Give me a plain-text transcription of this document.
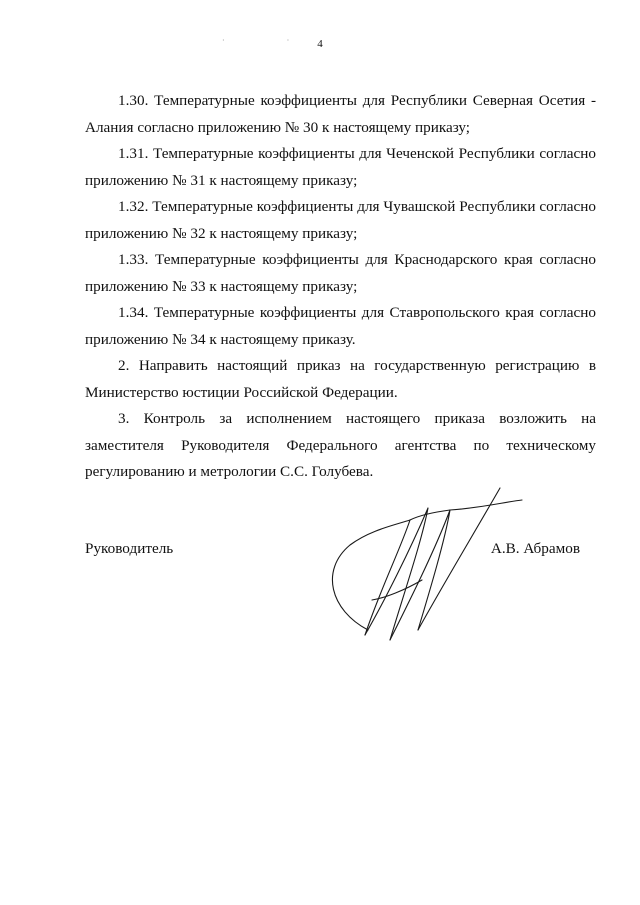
· ·
4

1.30. Температурные коэффициенты для Республики Северная Осетия - Алания согласно приложению № 30 к настоящему приказу;

1.31. Температурные коэффициенты для Чеченской Республики согласно приложению № 31 к настоящему приказу;

1.32. Температурные коэффициенты для Чувашской Республики согласно приложению № 32 к настоящему приказу;

1.33. Температурные коэффициенты для Краснодарского края согласно приложению № 33 к настоящему приказу;

1.34. Температурные коэффициенты для Ставропольского края согласно приложению № 34 к настоящему приказу.

2. Направить настоящий приказ на государственную регистрацию в Министерство юстиции Российской Федерации.

3. Контроль за исполнением настоящего приказа возложить на заместителя Руководителя Федерального агентства по техническому регулированию и метрологии С.С. Голубева.

Руководитель	А.В. Абрамов
